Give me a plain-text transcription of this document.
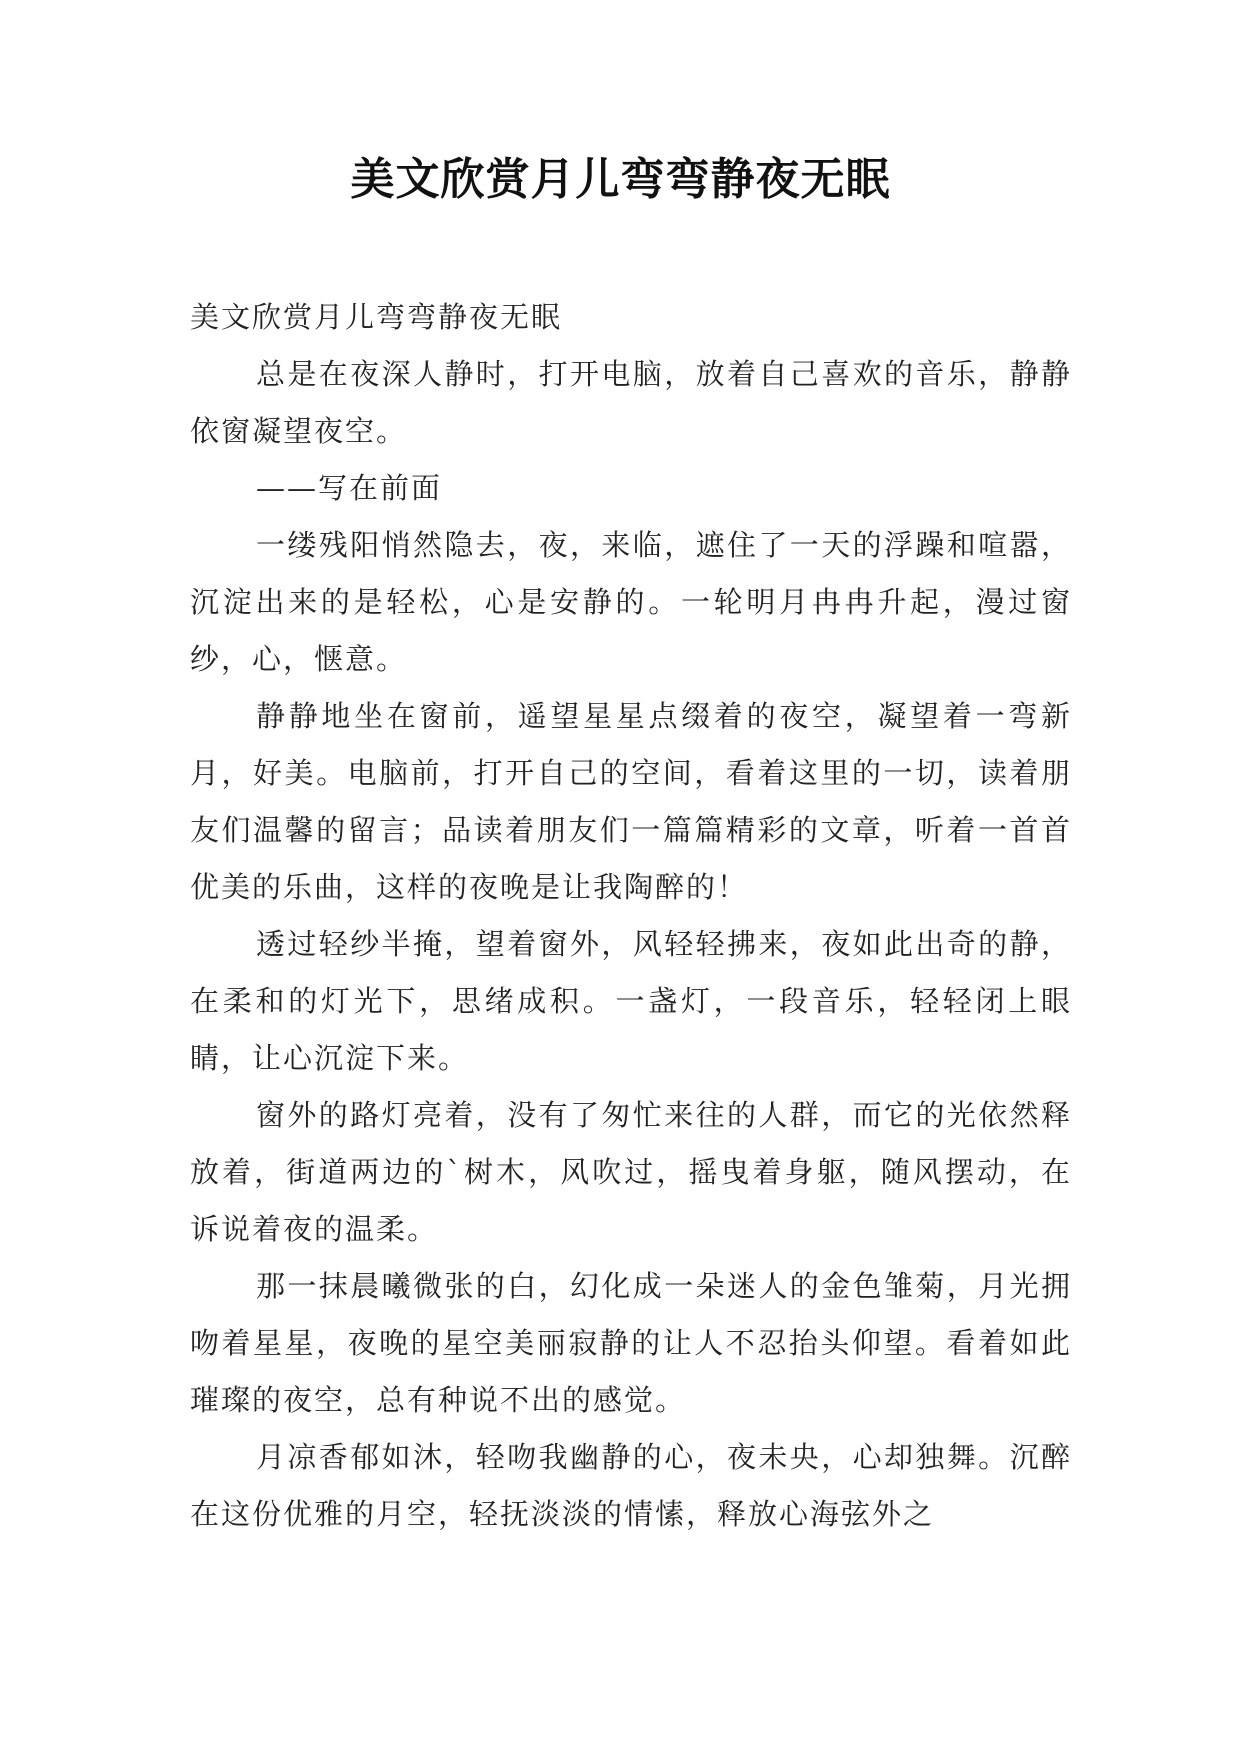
美文欣赏月儿弯弯静夜无眠

美文欣赏月儿弯弯静夜无眠

总是在夜深人静时，打开电脑，放着自己喜欢的音乐，静静依窗凝望夜空。

——写在前面

一缕残阳悄然隐去，夜，来临，遮住了一天的浮躁和喧嚣，沉淀出来的是轻松，心是安静的。一轮明月冉冉升起，漫过窗纱，心，惬意。

静静地坐在窗前，遥望星星点缀着的夜空，凝望着一弯新月，好美。电脑前，打开自己的空间，看着这里的一切，读着朋友们温馨的留言；品读着朋友们一篇篇精彩的文章，听着一首首优美的乐曲，这样的夜晚是让我陶醉的！

透过轻纱半掩，望着窗外，风轻轻拂来，夜如此出奇的静，在柔和的灯光下，思绪成积。一盏灯，一段音乐，轻轻闭上眼睛，让心沉淀下来。

窗外的路灯亮着，没有了匆忙来往的人群，而它的光依然释放着，街道两边的`树木，风吹过，摇曳着身躯，随风摆动，在诉说着夜的温柔。

那一抹晨曦微张的白，幻化成一朵迷人的金色雏菊，月光拥吻着星星，夜晚的星空美丽寂静的让人不忍抬头仰望。看着如此璀璨的夜空，总有种说不出的感觉。

月凉香郁如沐，轻吻我幽静的心，夜未央，心却独舞。沉醉在这份优雅的月空，轻抚淡淡的情愫，释放心海弦外之
